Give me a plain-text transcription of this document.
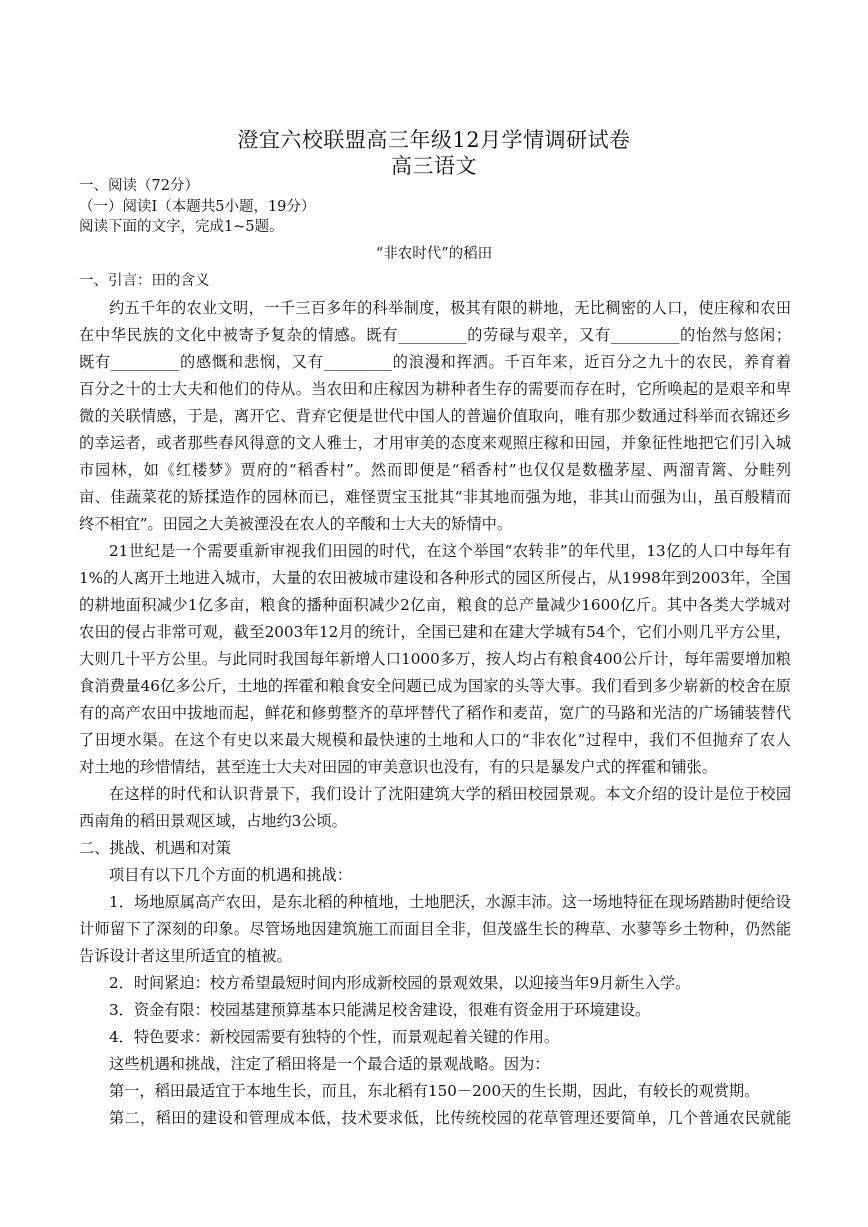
澄宜六校联盟高三年级12月学情调研试卷
高三语文
一、阅读（72分）
（一）阅读Ⅰ（本题共5小题，19分）
阅读下面的文字，完成1~5题。
“非农时代”的稻田
一、引言：田的含义
约五千年的农业文明，一千三百多年的科举制度，极其有限的耕地，无比稠密的人口，使庄稼和农田
在中华民族的文化中被寄予复杂的情感。既有_________的劳碌与艰辛，又有_________的怡然与悠闲；
既有_________的感慨和悲悯，又有_________的浪漫和挥洒。千百年来，近百分之九十的农民，养育着
百分之十的士大夫和他们的侍从。当农田和庄稼因为耕种者生存的需要而存在时，它所唤起的是艰辛和卑
微的关联情感，于是，离开它、背弃它便是世代中国人的普遍价值取向，唯有那少数通过科举而衣锦还乡
的幸运者，或者那些春风得意的文人雅士，才用审美的态度来观照庄稼和田园，并象征性地把它们引入城
市园林，如《红楼梦》贾府的“稻香村”。然而即便是“稻香村”也仅仅是数楹茅屋、两溜青篱、分畦列
亩、佳蔬菜花的矫揉造作的园林而已，难怪贾宝玉批其“非其地而强为地，非其山而强为山，虽百般精而
终不相宜”。田园之大美被湮没在农人的辛酸和士大夫的矫情中。
21世纪是一个需要重新审视我们田园的时代，在这个举国“农转非”的年代里，13亿的人口中每年有
1%的人离开土地进入城市，大量的农田被城市建设和各种形式的园区所侵占，从1998年到2003年，全国
的耕地面积减少1亿多亩，粮食的播种面积减少2亿亩，粮食的总产量减少1600亿斤。其中各类大学城对
农田的侵占非常可观，截至2003年12月的统计，全国已建和在建大学城有54个，它们小则几平方公里，
大则几十平方公里。与此同时我国每年新增人口1000多万，按人均占有粮食400公斤计，每年需要增加粮
食消费量46亿多公斤，土地的挥霍和粮食安全问题已成为国家的头等大事。我们看到多少崭新的校舍在原
有的高产农田中拔地而起，鲜花和修剪整齐的草坪替代了稻作和麦苗，宽广的马路和光洁的广场铺装替代
了田埂水渠。在这个有史以来最大规模和最快速的土地和人口的“非农化”过程中，我们不但抛弃了农人
对土地的珍惜情结，甚至连士大夫对田园的审美意识也没有，有的只是暴发户式的挥霍和铺张。
在这样的时代和认识背景下，我们设计了沈阳建筑大学的稻田校园景观。本文介绍的设计是位于校园
西南角的稻田景观区域，占地约3公顷。
二、挑战、机遇和对策
项目有以下几个方面的机遇和挑战：
1．场地原属高产农田，是东北稻的种植地，土地肥沃，水源丰沛。这一场地特征在现场踏勘时便给设
计师留下了深刻的印象。尽管场地因建筑施工而面目全非，但茂盛生长的稗草、水蓼等乡土物种，仍然能
告诉设计者这里所适宜的植被。
2．时间紧迫：校方希望最短时间内形成新校园的景观效果，以迎接当年9月新生入学。
3．资金有限：校园基建预算基本只能满足校舍建设，很难有资金用于环境建设。
4．特色要求：新校园需要有独特的个性，而景观起着关键的作用。
这些机遇和挑战，注定了稻田将是一个最合适的景观战略。因为：
第一，稻田最适宜于本地生长，而且，东北稻有150－200天的生长期，因此，有较长的观赏期。
第二，稻田的建设和管理成本低，技术要求低，比传统校园的花草管理还要简单，几个普通农民就能
